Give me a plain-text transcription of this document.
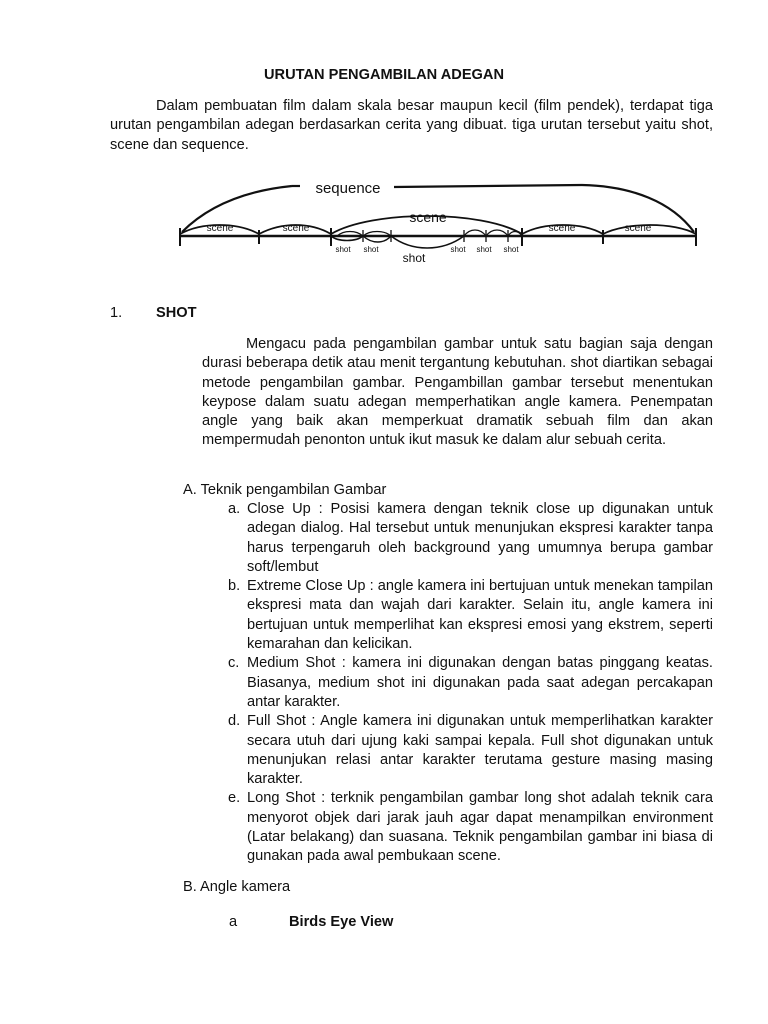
URUTAN PENGAMBILAN ADEGAN

Dalam pembuatan film dalam skala besar maupun kecil (film pendek), terdapat tiga urutan pengambilan adegan berdasarkan cerita yang dibuat. tiga urutan tersebut yaitu shot, scene dan sequence.

sequence
scene	scene
scene
scene	scene
shot shot
shot
shot shot shot
1. SHOT

Mengacu pada pengambilan gambar untuk satu bagian saja dengan durasi beberapa detik atau menit tergantung kebutuhan. shot diartikan sebagai metode pengambilan gambar. Pengambillan gambar tersebut menentukan keypose dalam suatu adegan memperhatikan angle kamera. Penempatan angle yang baik akan memperkuat dramatik sebuah film dan akan mempermudah penonton untuk ikut masuk ke dalam alur sebuah cerita.

A. Teknik pengambilan Gambar
a. Close Up : Posisi kamera dengan teknik close up digunakan untuk adegan dialog. Hal tersebut untuk menunjukan ekspresi karakter tanpa harus terpengaruh oleh background yang umumnya berupa gambar soft/lembut
b. Extreme Close Up : angle kamera ini bertujuan untuk menekan tampilan ekspresi mata dan wajah dari karakter. Selain itu, angle kamera ini bertujuan untuk memperlihat kan ekspresi emosi yang ekstrem, seperti kemarahan dan kelicikan.
c. Medium Shot : kamera ini digunakan dengan batas pinggang keatas. Biasanya, medium shot ini digunakan pada saat adegan percakapan antar karakter.
d. Full Shot : Angle kamera ini digunakan untuk memperlihatkan karakter secara utuh dari ujung kaki sampai kepala. Full shot digunakan untuk menunjukan relasi antar karakter terutama gesture masing masing karakter.
e. Long Shot : terknik pengambilan gambar long shot adalah teknik cara menyorot objek dari jarak jauh agar dapat menampilkan environment (Latar belakang) dan suasana. Teknik pengambilan gambar ini biasa di gunakan pada awal pembukaan scene.
B. Angle kamera
a	Birds Eye View
